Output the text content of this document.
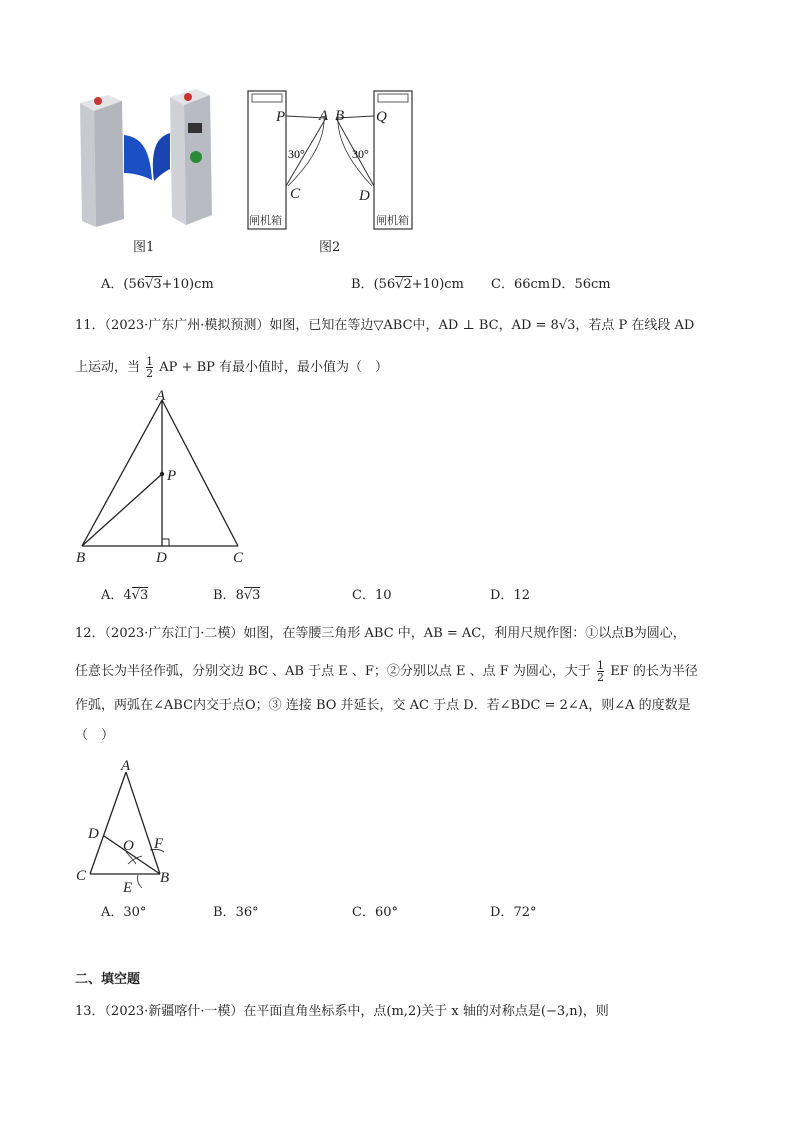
图1
P A B Q
C	D
30°	30°
闸机箱	闸机箱
图2
A．(56√3+10)cm	B．(56√2+10)cm C．66cm D．56cm
11．（2023·广东广州·模拟预测）如图，已知在等边▽ABC中，AD ⊥ BC，AD = 8√3，若点 P 在线段 AD
上运动，当 $\frac{1}{2}$ AP + BP 有最小值时，最小值为（　）
A
P
B	D	C
A．4√3	B．8√3	C．10	D．12
12．（2023·广东江门·二模）如图，在等腰三角形 ABC 中，AB = AC，利用尺规作图：①以点B为圆心，
任意长为半径作弧，分别交边 BC 、AB 于点 E 、F；②分别以点 E 、点 F 为圆心，大于 $\frac{1}{2}$ EF 的长为半径
作弧，两弧在∠ABC内交于点O；③ 连接 BO 并延长，交 AC 于点 D．若∠BDC = 2∠A，则∠A 的度数是
（　）
A
D
O F
C
E
B
A．30°	B．36°	C．60°	D．72°
二、填空题
13．（2023·新疆喀什·一模）在平面直角坐标系中，点(m,2)关于 x 轴的对称点是(−3,n)，则
